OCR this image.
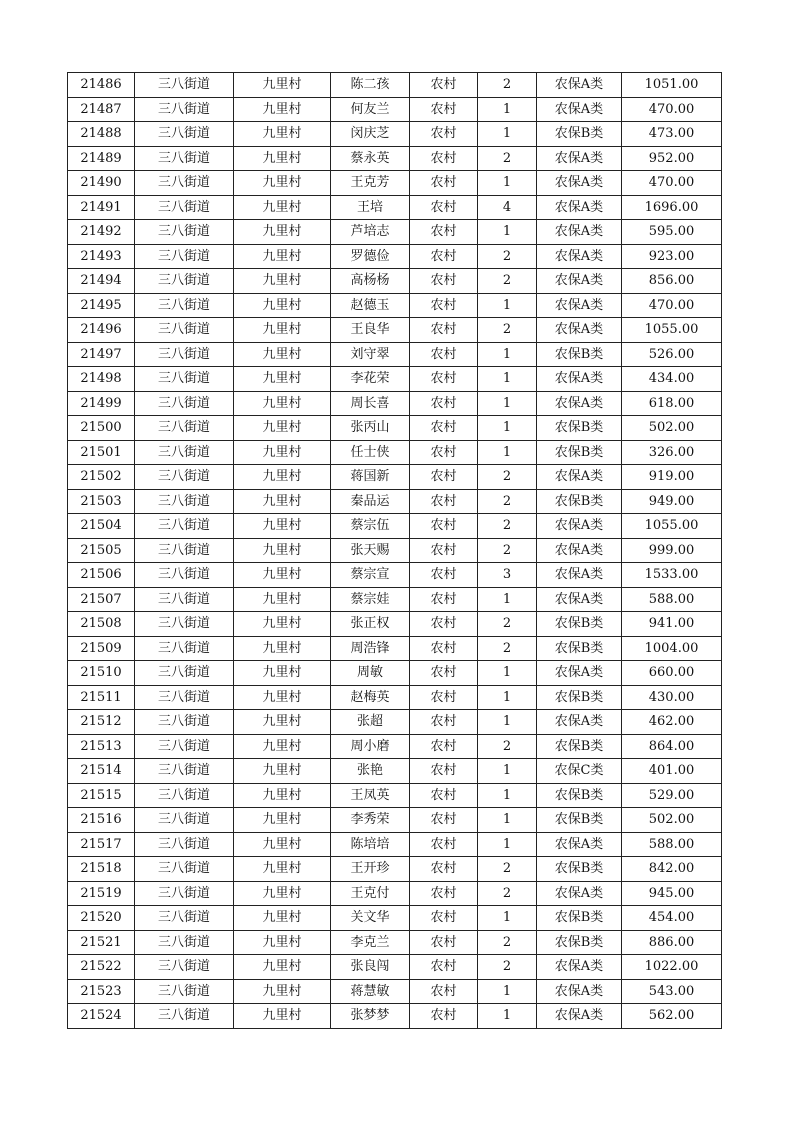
21486	三八街道	九里村	陈二孩	农村	2	农保A类	1051.00
21487	三八街道	九里村	何友兰	农村	1	农保A类	470.00
21488	三八街道	九里村	闵庆芝	农村	1	农保B类	473.00
21489	三八街道	九里村	蔡永英	农村	2	农保A类	952.00
21490	三八街道	九里村	王克芳	农村	1	农保A类	470.00
21491	三八街道	九里村	王培	农村	4	农保A类	1696.00
21492	三八街道	九里村	芦培志	农村	1	农保A类	595.00
21493	三八街道	九里村	罗德俭	农村	2	农保A类	923.00
21494	三八街道	九里村	高杨杨	农村	2	农保A类	856.00
21495	三八街道	九里村	赵德玉	农村	1	农保A类	470.00
21496	三八街道	九里村	王良华	农村	2	农保A类	1055.00
21497	三八街道	九里村	刘守翠	农村	1	农保B类	526.00
21498	三八街道	九里村	李花荣	农村	1	农保A类	434.00
21499	三八街道	九里村	周长喜	农村	1	农保A类	618.00
21500	三八街道	九里村	张丙山	农村	1	农保B类	502.00
21501	三八街道	九里村	任士侠	农村	1	农保B类	326.00
21502	三八街道	九里村	蒋国新	农村	2	农保A类	919.00
21503	三八街道	九里村	秦品运	农村	2	农保B类	949.00
21504	三八街道	九里村	蔡宗伍	农村	2	农保A类	1055.00
21505	三八街道	九里村	张天赐	农村	2	农保A类	999.00
21506	三八街道	九里村	蔡宗宣	农村	3	农保A类	1533.00
21507	三八街道	九里村	蔡宗娃	农村	1	农保A类	588.00
21508	三八街道	九里村	张正权	农村	2	农保B类	941.00
21509	三八街道	九里村	周浩锋	农村	2	农保B类	1004.00
21510	三八街道	九里村	周敏	农村	1	农保A类	660.00
21511	三八街道	九里村	赵梅英	农村	1	农保B类	430.00
21512	三八街道	九里村	张超	农村	1	农保A类	462.00
21513	三八街道	九里村	周小磨	农村	2	农保B类	864.00
21514	三八街道	九里村	张艳	农村	1	农保C类	401.00
21515	三八街道	九里村	王凤英	农村	1	农保B类	529.00
21516	三八街道	九里村	李秀荣	农村	1	农保B类	502.00
21517	三八街道	九里村	陈培培	农村	1	农保A类	588.00
21518	三八街道	九里村	王开珍	农村	2	农保B类	842.00
21519	三八街道	九里村	王克付	农村	2	农保A类	945.00
21520	三八街道	九里村	关文华	农村	1	农保B类	454.00
21521	三八街道	九里村	李克兰	农村	2	农保B类	886.00
21522	三八街道	九里村	张良闯	农村	2	农保A类	1022.00
21523	三八街道	九里村	蒋慧敏	农村	1	农保A类	543.00
21524	三八街道	九里村	张梦梦	农村	1	农保A类	562.00
